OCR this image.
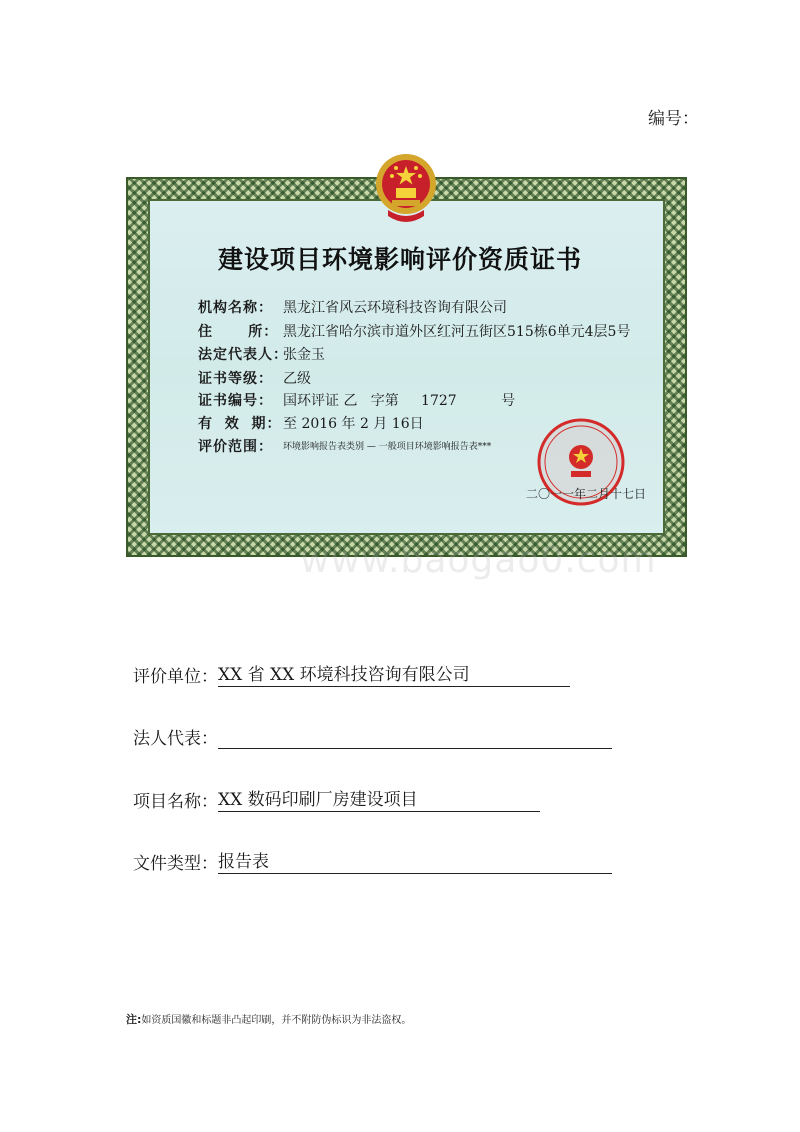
编号：
建设项目环境影响评价资质证书
机构名称： 黑龙江省风云环境科技咨询有限公司
住      所： 黑龙江省哈尔滨市道外区红河五街区515栋6单元4层5号
法定代表人：
张金玉
证书等级： 乙级
证书编号： 国环评证 乙   字第     1727          号
有  效  期： 至 2016 年 2 月 16日
评价范围：	环境影响报告表类别 — 一般项目环境影响报告表***
二〇一一年二月十七日
www.baogao0.com
评价单位： XX 省 XX 环境科技咨询有限公司
法人代表：
项目名称： XX 数码印刷厂房建设项目
文件类型： 报告表
注:如资质国徽和标题非凸起印刷，并不附防伪标识为非法盗权。
